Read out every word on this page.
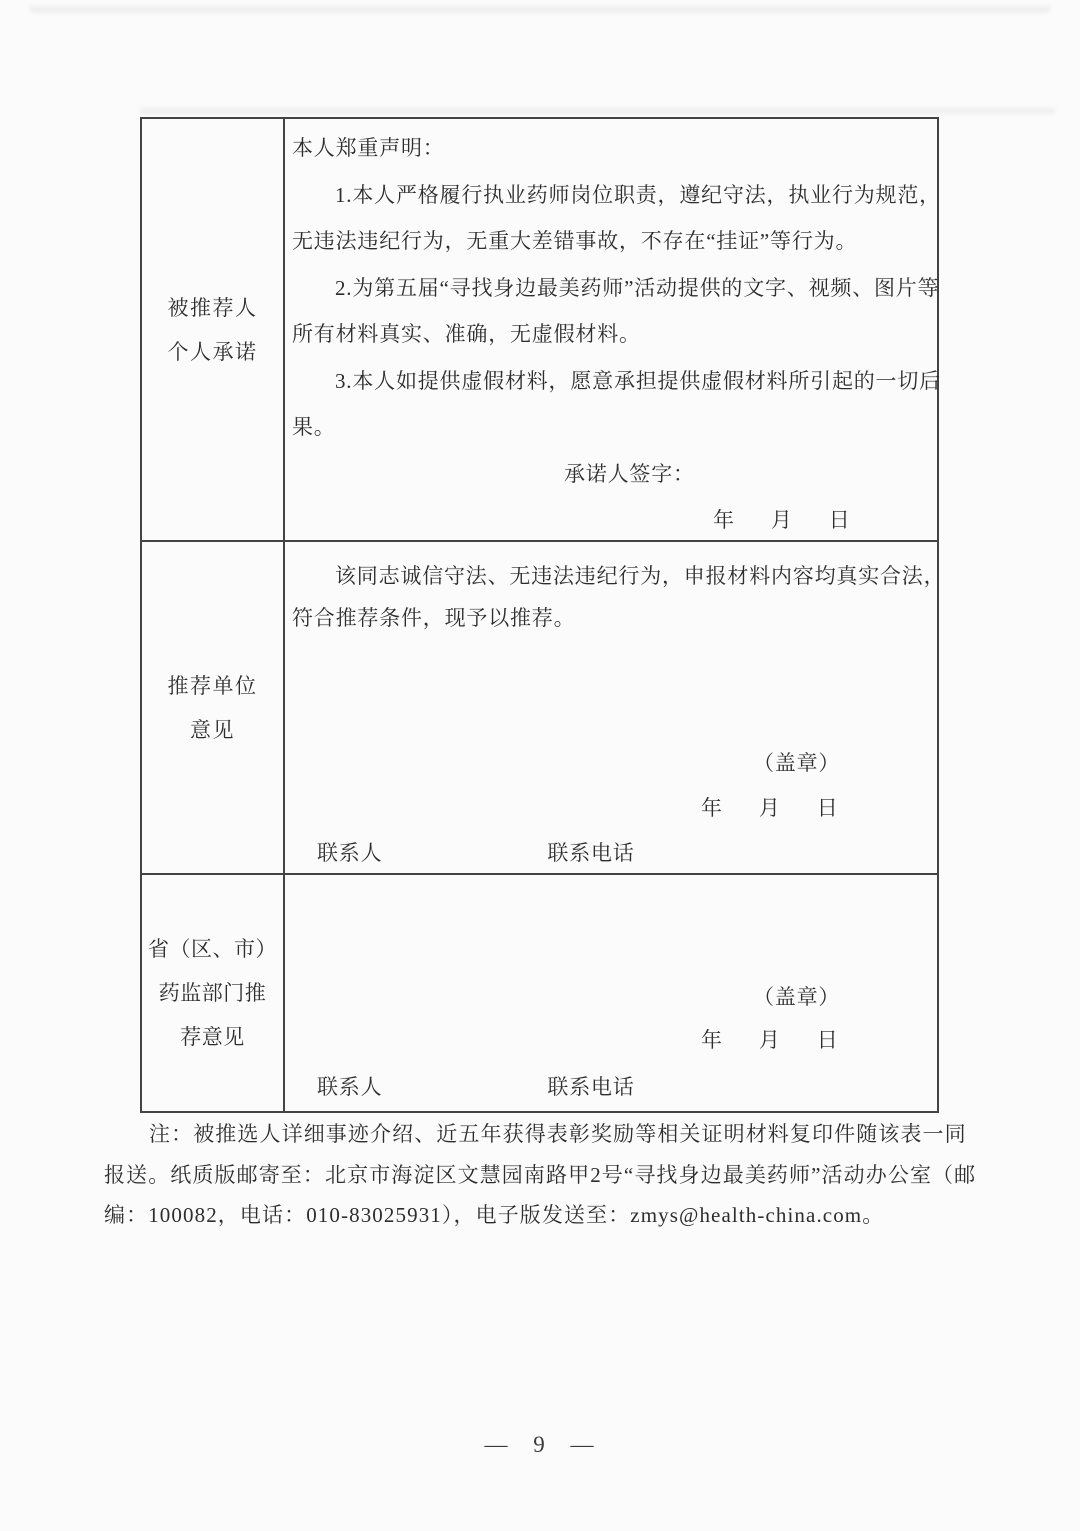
被推荐人
个人承诺
本人郑重声明：
1.本人严格履行执业药师岗位职责，遵纪守法，执业行为规范，
无违法违纪行为，无重大差错事故，不存在“挂证”等行为。
2.为第五届“寻找身边最美药师”活动提供的文字、视频、图片等
所有材料真实、准确，无虚假材料。
3.本人如提供虚假材料，愿意承担提供虚假材料所引起的一切后
果。
承诺人签字：
年 月 日
推荐单位
意见
该同志诚信守法、无违法违纪行为，申报材料内容均真实合法，
符合推荐条件，现予以推荐。
（盖章）
年 月 日
联系人	联系电话
省（区、市）
药监部门推
荐意见
（盖章）
年 月 日
联系人	联系电话
注：被推选人详细事迹介绍、近五年获得表彰奖励等相关证明材料复印件随该表一同
报送。纸质版邮寄至：北京市海淀区文慧园南路甲2号“寻找身边最美药师”活动办公室（邮
编：100082，电话：010-83025931），电子版发送至：zmys@health-china.com。
— 9 —
